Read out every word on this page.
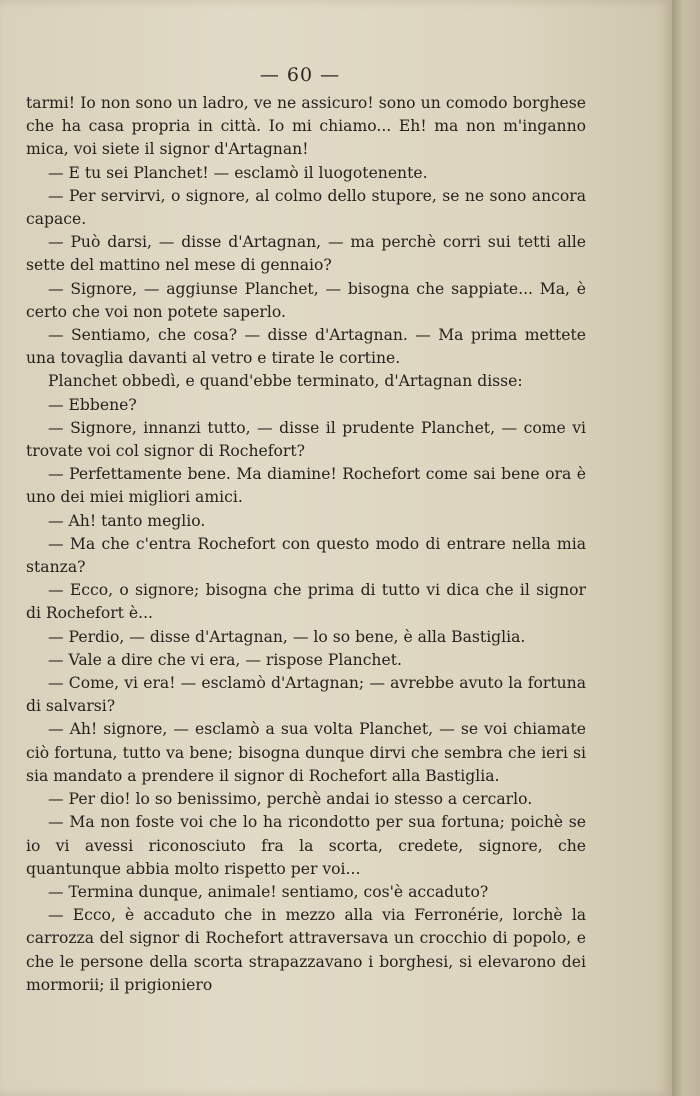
— 60 —

tarmi! Io non sono un ladro, ve ne assicuro! sono un comodo borghese che ha casa propria in città. Io mi chiamo... Eh! ma non m'inganno mica, voi siete il signor d'Artagnan!

— E tu sei Planchet! — esclamò il luogotenente.

— Per servirvi, o signore, al colmo dello stupore, se ne sono ancora capace.

— Può darsi, — disse d'Artagnan, — ma perchè corri sui tetti alle sette del mattino nel mese di gennaio?

— Signore, — aggiunse Planchet, — bisogna che sappiate... Ma, è certo che voi non potete saperlo.

— Sentiamo, che cosa? — disse d'Artagnan. — Ma prima mettete una tovaglia davanti al vetro e tirate le cortine.

Planchet obbedì, e quand'ebbe terminato, d'Artagnan disse:

— Ebbene?

— Signore, innanzi tutto, — disse il prudente Planchet, — come vi trovate voi col signor di Rochefort?

— Perfettamente bene. Ma diamine! Rochefort come sai bene ora è uno dei miei migliori amici.

— Ah! tanto meglio.

— Ma che c'entra Rochefort con questo modo di entrare nella mia stanza?

— Ecco, o signore; bisogna che prima di tutto vi dica che il signor di Rochefort è...

— Perdio, — disse d'Artagnan, — lo so bene, è alla Bastiglia.

— Vale a dire che vi era, — rispose Planchet.

— Come, vi era! — esclamò d'Artagnan; — avrebbe avuto la fortuna di salvarsi?

— Ah! signore, — esclamò a sua volta Planchet, — se voi chiamate ciò fortuna, tutto va bene; bisogna dunque dirvi che sembra che ieri si sia mandato a prendere il signor di Rochefort alla Bastiglia.

— Per dio! lo so benissimo, perchè andai io stesso a cercarlo.

— Ma non foste voi che lo ha ricondotto per sua fortuna; poichè se io vi avessi riconosciuto fra la scorta, credete, signore, che quantunque abbia molto rispetto per voi...

— Termina dunque, animale! sentiamo, cos'è accaduto?

— Ecco, è accaduto che in mezzo alla via Ferronérie, lorchè la carrozza del signor di Rochefort attraversava un crocchio di popolo, e che le persone della scorta strapazzavano i borghesi, si elevarono dei mormorii; il prigioniero
